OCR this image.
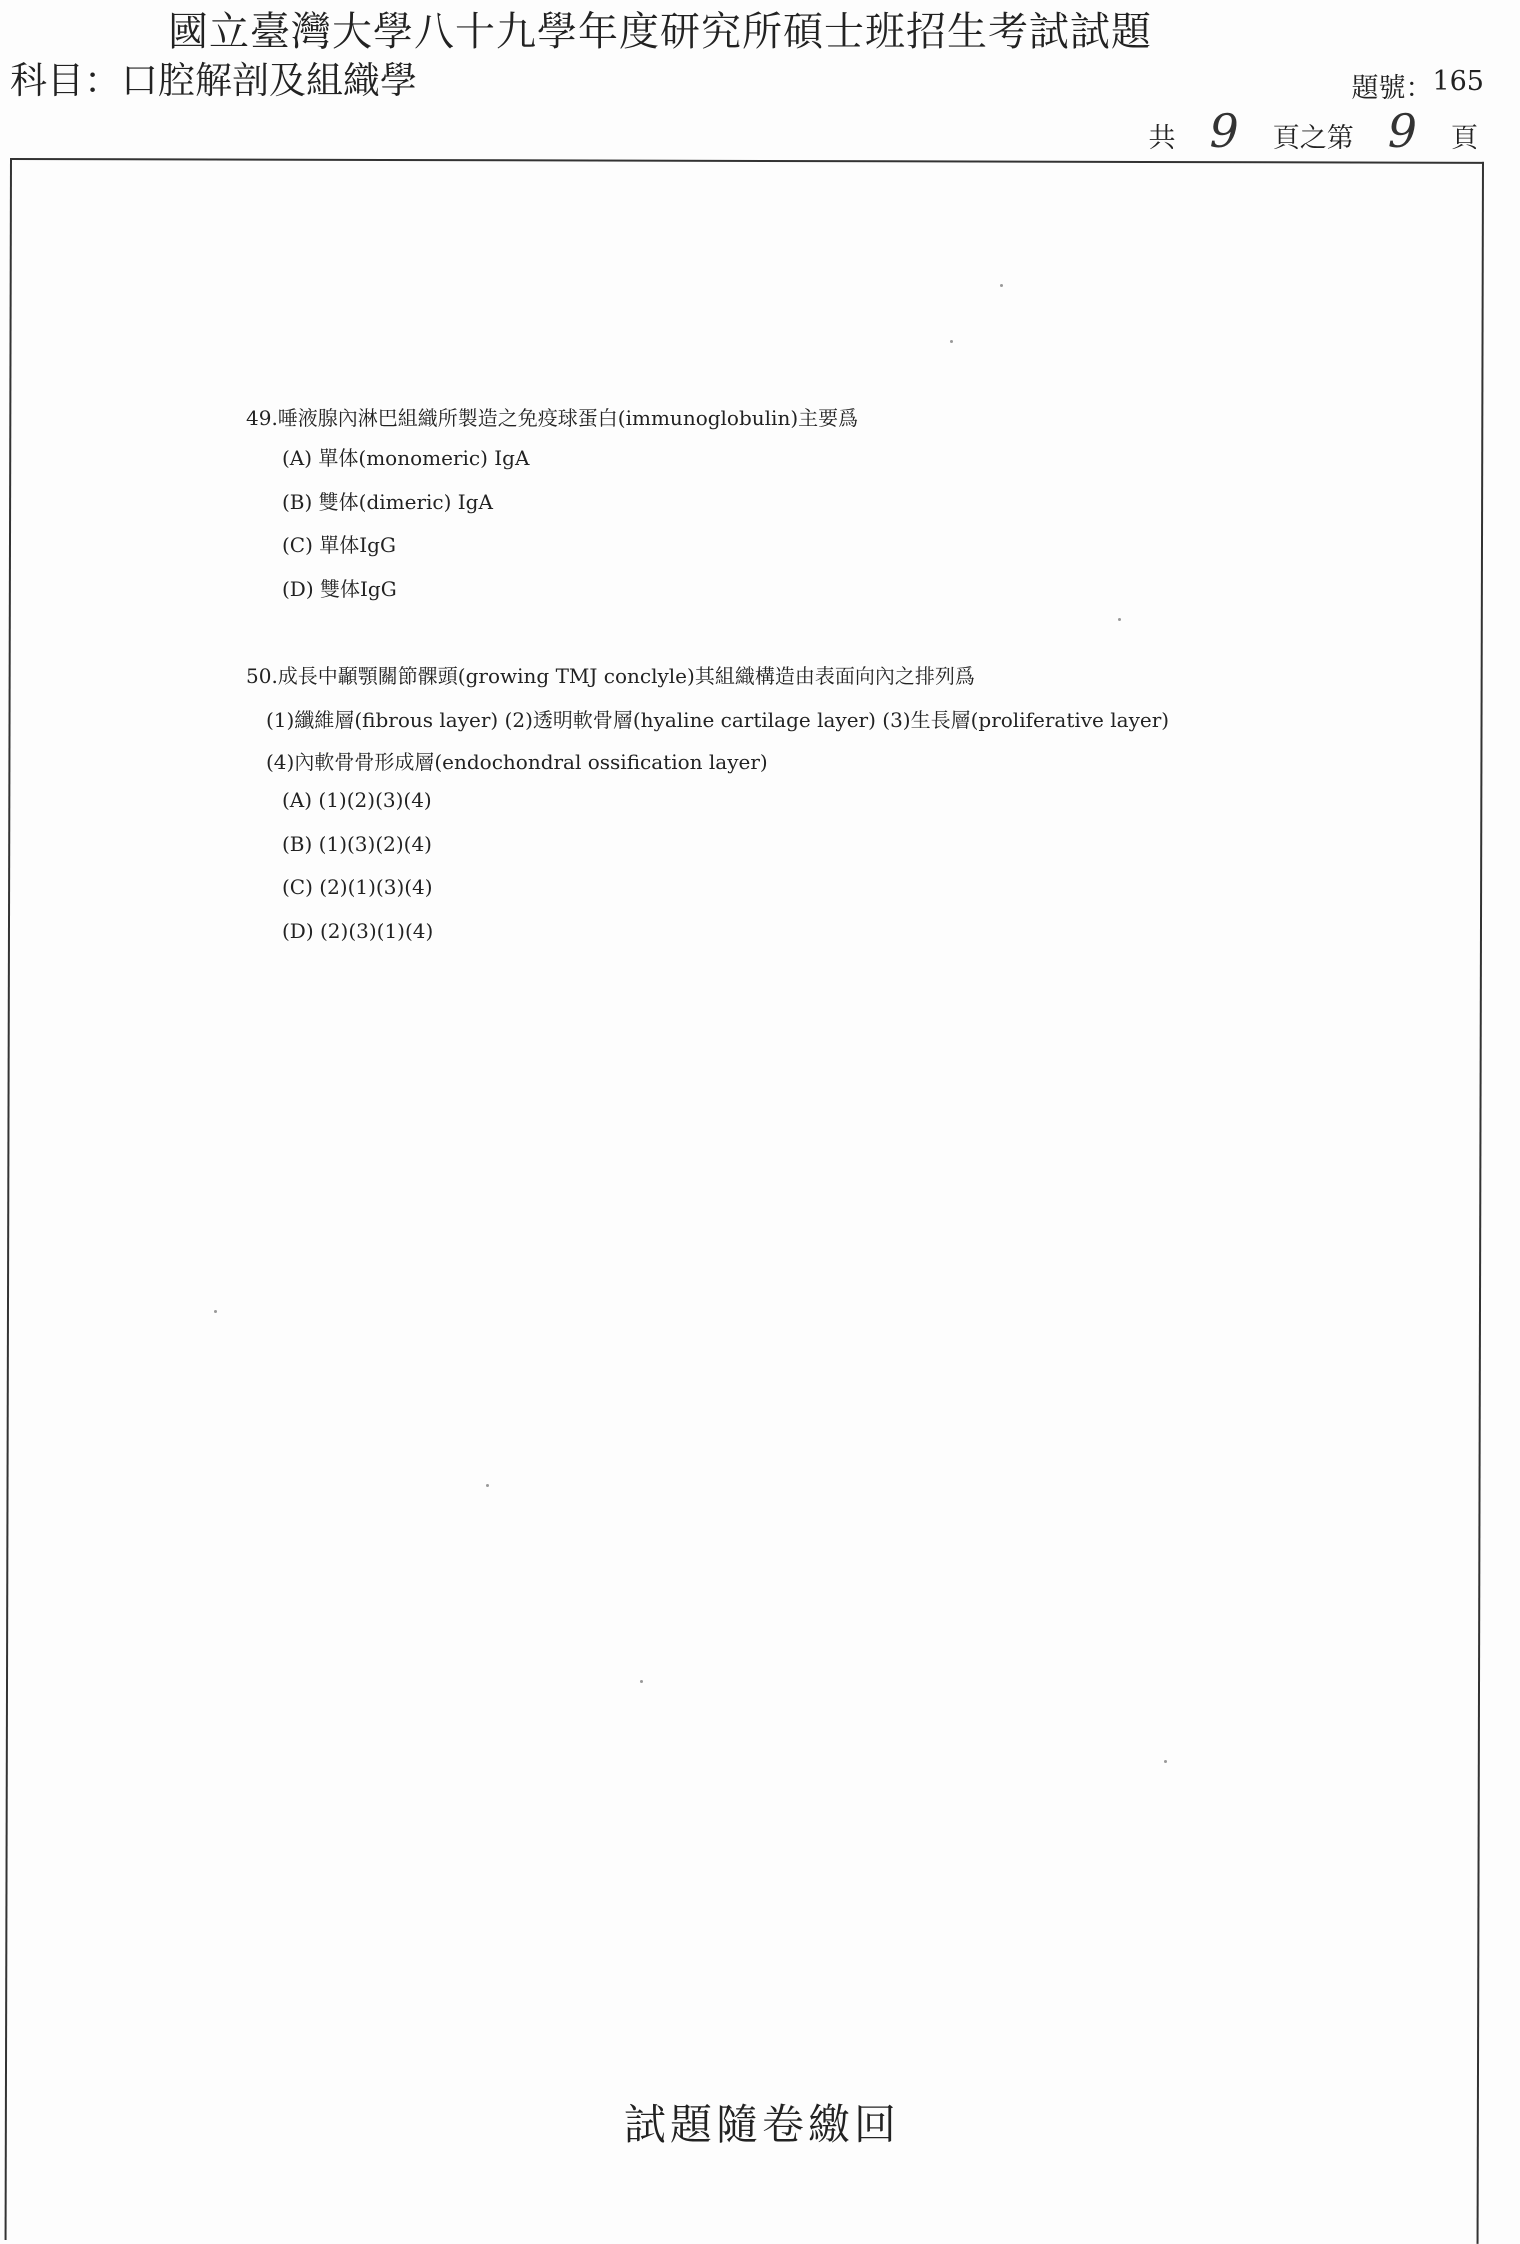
國立臺灣大學八十九學年度研究所碩士班招生考試試題
科目： 口腔解剖及組織學	題號： 165
共 9 頁之第 9 頁
49.唾液腺內淋巴組織所製造之免疫球蛋白(immunoglobulin)主要爲
(A) 單体(monomeric) IgA
(B) 雙体(dimeric) IgA
(C) 單体IgG
(D) 雙体IgG
50.成長中顳顎關節髁頭(growing TMJ conclyle)其組織構造由表面向內之排列爲
(1)纖維層(fibrous layer) (2)透明軟骨層(hyaline cartilage layer) (3)生長層(proliferative layer)
(4)內軟骨骨形成層(endochondral ossification layer)
(A) (1)(2)(3)(4)
(B) (1)(3)(2)(4)
(C) (2)(1)(3)(4)
(D) (2)(3)(1)(4)
試題隨卷繳回
